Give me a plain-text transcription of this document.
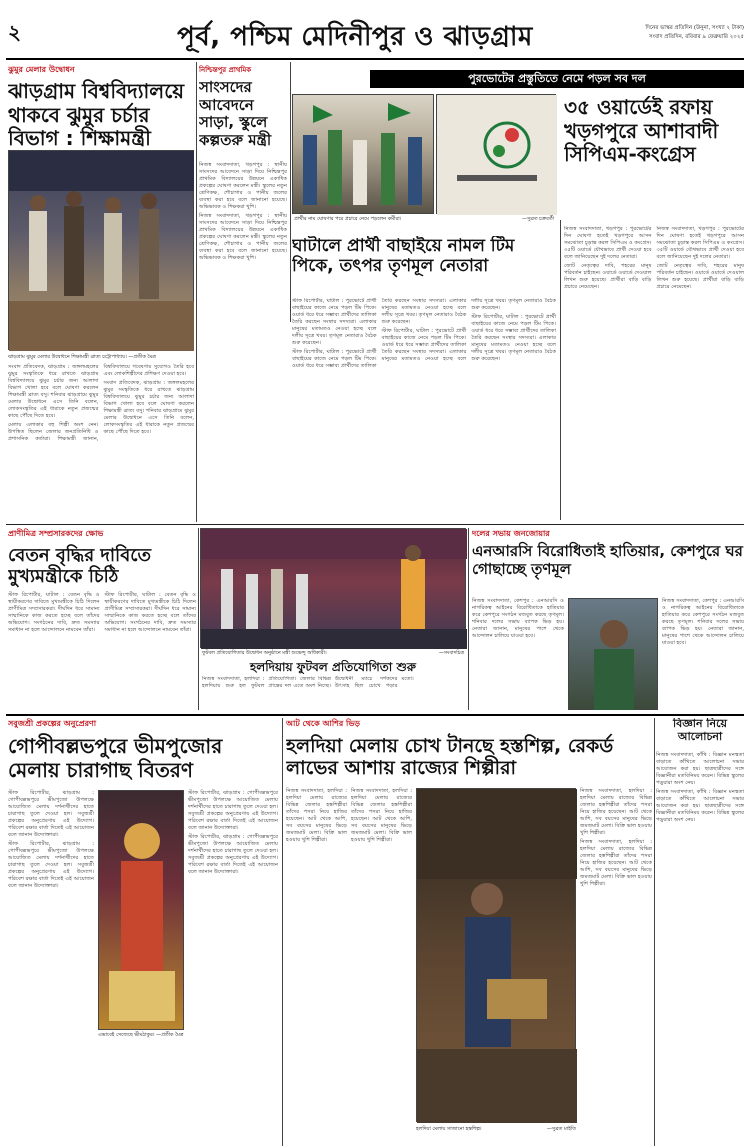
২	পূর্ব, পশ্চিম মেদিনীপুর ও ঝাড়গ্রাম	দিনের ভাস্কর প্রতিদিন (উনুনা, সংখ্যা ২ টাকা)
সংবাদ প্রতিদিন, রবিবার ৯ ফেব্রুয়ারি ২০২৫
ঝুমুর মেলার উদ্বোধন
ঝাড়গ্রাম বিশ্ববিদ্যালয়ে থাকবে ঝুমুর চর্চার বিভাগ : শিক্ষামন্ত্রী
ঝাড়গ্রাম ঝুমুর মেলার উদ্বোধনে শিক্ষামন্ত্রী ব্রাত্য চট্টোপাধ্যায়। —প্রতীক মৈত্র

সংবাদ প্রতিবেদক, ঝাড়গ্রাম : জঙ্গলমহলের ঝুমুর সংস্কৃতিকে ধরে রাখতে ঝাড়গ্রাম বিশ্ববিদ্যালয়ে ঝুমুর চর্চার জন্য আলাদা বিভাগ খোলা হবে বলে ঘোষণা করলেন শিক্ষামন্ত্রী ব্রাত্য বসু। শনিবার ঝাড়গ্রামে ঝুমুর মেলার উদ্বোধনে এসে তিনি বলেন, লোকসংস্কৃতির এই ধারাকে নতুন প্রজন্মের কাছে পৌঁছে দিতে হবে।

মেলায় এলাকার বহু শিল্পী অংশ নেন। উপস্থিত ছিলেন জেলার জনপ্রতিনিধি ও প্রশাসনিক কর্তারা। শিক্ষামন্ত্রী জানান, বিশ্ববিদ্যালয়ে গবেষণার সুযোগও তৈরি হবে এবং লোকশিল্পীদের প্রশিক্ষণ দেওয়া হবে।

সংবাদ প্রতিবেদক, ঝাড়গ্রাম : জঙ্গলমহলের ঝুমুর সংস্কৃতিকে ধরে রাখতে ঝাড়গ্রাম বিশ্ববিদ্যালয়ে ঝুমুর চর্চার জন্য আলাদা বিভাগ খোলা হবে বলে ঘোষণা করলেন শিক্ষামন্ত্রী ব্রাত্য বসু। শনিবার ঝাড়গ্রামে ঝুমুর মেলার উদ্বোধনে এসে তিনি বলেন, লোকসংস্কৃতির এই ধারাকে নতুন প্রজন্মের কাছে পৌঁছে দিতে হবে।

নিশ্চিন্তপুর প্রাথমিক
সাংসদের আবেদনে সাড়া, স্কুলে কল্পতরু মন্ত্রী

নিজস্ব সংবাদদাতা, খড়গপুর : স্থানীয় সাংসদের আবেদনে সাড়া দিয়ে নিশ্চিন্তপুর প্রাথমিক বিদ্যালয়ের উন্নয়নে একাধিক প্রকল্পের ঘোষণা করলেন মন্ত্রী। স্কুলের নতুন শ্রেণিকক্ষ, শৌচাগার ও পানীয় জলের ব্যবস্থা করা হবে বলে জানানো হয়েছে। অভিভাবক ও শিক্ষকরা খুশি।

নিজস্ব সংবাদদাতা, খড়গপুর : স্থানীয় সাংসদের আবেদনে সাড়া দিয়ে নিশ্চিন্তপুর প্রাথমিক বিদ্যালয়ের উন্নয়নে একাধিক প্রকল্পের ঘোষণা করলেন মন্ত্রী। স্কুলের নতুন শ্রেণিকক্ষ, শৌচাগার ও পানীয় জলের ব্যবস্থা করা হবে বলে জানানো হয়েছে। অভিভাবক ও শিক্ষকরা খুশি।

পুরভোটের প্রস্তুতিতে নেমে পড়ল সব দল
প্রার্থীর নাম ঘোষণার পরে প্রচারে নেমে পড়লেন কর্মীরা।	—সুব্রত চক্রবর্তী
৩৫ ওয়ার্ডেই রফায় খড়গপুরে আশাবাদী সিপিএম-কংগ্রেস

নিজস্ব সংবাদদাতা, খড়গপুর : পুরভোটের দিন ঘোষণা হতেই খড়গপুরে আসন সমঝোতা চূড়ান্ত করল সিপিএম ও কংগ্রেস। ৩৫টি ওয়ার্ডে যৌথভাবে প্রার্থী দেওয়া হবে বলে জানিয়েছেন দুই দলের নেতারা।

জোট নেতৃত্বের দাবি, শহরের মানুষ পরিবর্তন চাইছেন। ওয়ার্ডে ওয়ার্ডে দেওয়াল লিখন শুরু হয়েছে। প্রার্থীরা বাড়ি বাড়ি প্রচারে নেমেছেন।

নিজস্ব সংবাদদাতা, খড়গপুর : পুরভোটের দিন ঘোষণা হতেই খড়গপুরে আসন সমঝোতা চূড়ান্ত করল সিপিএম ও কংগ্রেস। ৩৫টি ওয়ার্ডে যৌথভাবে প্রার্থী দেওয়া হবে বলে জানিয়েছেন দুই দলের নেতারা।

জোট নেতৃত্বের দাবি, শহরের মানুষ পরিবর্তন চাইছেন। ওয়ার্ডে ওয়ার্ডে দেওয়াল লিখন শুরু হয়েছে। প্রার্থীরা বাড়ি বাড়ি প্রচারে নেমেছেন।

ঘাটালে প্রার্থী বাছাইয়ে নামল টিম পিকে, তৎপর তৃণমূল নেতারা

স্টাফ রিপোর্টার, ঘাটাল : পুরভোটে প্রার্থী বাছাইয়ের কাজে নেমে পড়ল টিম পিকে। ওয়ার্ড ধরে ধরে সম্ভাব্য প্রার্থীদের তালিকা তৈরি করছেন সংস্থার সদস্যরা। এলাকার মানুষের মতামতও নেওয়া হচ্ছে বলে দলীয় সূত্রে খবর। তৃণমূল নেতারাও বৈঠক শুরু করেছেন।

স্টাফ রিপোর্টার, ঘাটাল : পুরভোটে প্রার্থী বাছাইয়ের কাজে নেমে পড়ল টিম পিকে। ওয়ার্ড ধরে ধরে সম্ভাব্য প্রার্থীদের তালিকা তৈরি করছেন সংস্থার সদস্যরা। এলাকার মানুষের মতামতও নেওয়া হচ্ছে বলে দলীয় সূত্রে খবর। তৃণমূল নেতারাও বৈঠক শুরু করেছেন।

স্টাফ রিপোর্টার, ঘাটাল : পুরভোটে প্রার্থী বাছাইয়ের কাজে নেমে পড়ল টিম পিকে। ওয়ার্ড ধরে ধরে সম্ভাব্য প্রার্থীদের তালিকা তৈরি করছেন সংস্থার সদস্যরা। এলাকার মানুষের মতামতও নেওয়া হচ্ছে বলে দলীয় সূত্রে খবর। তৃণমূল নেতারাও বৈঠক শুরু করেছেন।

স্টাফ রিপোর্টার, ঘাটাল : পুরভোটে প্রার্থী বাছাইয়ের কাজে নেমে পড়ল টিম পিকে। ওয়ার্ড ধরে ধরে সম্ভাব্য প্রার্থীদের তালিকা তৈরি করছেন সংস্থার সদস্যরা। এলাকার মানুষের মতামতও নেওয়া হচ্ছে বলে দলীয় সূত্রে খবর। তৃণমূল নেতারাও বৈঠক শুরু করেছেন।

প্রাণীমিত্র সম্প্রসারকদের ক্ষোভ
বেতন বৃদ্ধির দাবিতে মুখ্যমন্ত্রীকে চিঠি

স্টাফ রিপোর্টার, ঘাটাল : বেতন বৃদ্ধি ও স্থায়ীকরণের দাবিতে মুখ্যমন্ত্রীকে চিঠি দিলেন প্রাণীমিত্র সম্প্রসারকরা। দীর্ঘদিন ধরে সামান্য সাম্মানিকে কাজ করতে হচ্ছে বলে তাঁদের অভিযোগ। সংগঠনের দাবি, দ্রুত সমস্যার সমাধান না হলে আন্দোলনে নামবেন তাঁরা।

স্টাফ রিপোর্টার, ঘাটাল : বেতন বৃদ্ধি ও স্থায়ীকরণের দাবিতে মুখ্যমন্ত্রীকে চিঠি দিলেন প্রাণীমিত্র সম্প্রসারকরা। দীর্ঘদিন ধরে সামান্য সাম্মানিকে কাজ করতে হচ্ছে বলে তাঁদের অভিযোগ। সংগঠনের দাবি, দ্রুত সমস্যার সমাধান না হলে আন্দোলনে নামবেন তাঁরা।

ফুটবল প্রতিযোগিতার উদ্বোধন অনুষ্ঠানে মন্ত্রী শুভেন্দু অধিকারী।	—সংবাদচিত্র
হলদিয়ায় ফুটবল প্রতিযোগিতা শুরু

নিজস্ব সংবাদদাতা, হলদিয়া : হলদিয়ায় শুরু হল ফুটবল প্রতিযোগিতা। জেলার বিভিন্ন প্রান্তের দল এতে অংশ নিচ্ছে। উদ্বোধনী ম্যাচে দর্শকদের উৎসাহ ছিল চোখে পড়ার মতো।

দলের সভায় জনজোয়ার
এনআরসি বিরোধিতাই হাতিয়ার, কেশপুরে ঘর গোছাচ্ছে তৃণমূল

নিজস্ব সংবাদদাতা, কেশপুর : এনআরসি ও নাগরিকত্ব আইনের বিরোধিতাকে হাতিয়ার করে কেশপুরে সংগঠন মজবুত করছে তৃণমূল। শনিবার দলের সভায় ব্যাপক ভিড় হয়। নেতারা জানান, মানুষের পাশে থেকে আন্দোলন চালিয়ে যাওয়া হবে।

নিজস্ব সংবাদদাতা, কেশপুর : এনআরসি ও নাগরিকত্ব আইনের বিরোধিতাকে হাতিয়ার করে কেশপুরে সংগঠন মজবুত করছে তৃণমূল। শনিবার দলের সভায় ব্যাপক ভিড় হয়। নেতারা জানান, মানুষের পাশে থেকে আন্দোলন চালিয়ে যাওয়া হবে।

সবুজশ্রী প্রকল্পের অনুপ্রেরণা
গোপীবল্লভপুরে ভীমপুজোর মেলায় চারাগাছ বিতরণ

স্টাফ রিপোর্টার, ঝাড়গ্রাম : গোপীবল্লভপুরে ভীমপুজো উপলক্ষে আয়োজিত মেলায় দর্শনার্থীদের হাতে চারাগাছ তুলে দেওয়া হল। সবুজশ্রী প্রকল্পের অনুপ্রেরণায় এই উদ্যোগ। পরিবেশ রক্ষার বার্তা দিতেই এই আয়োজন বলে জানান উদ্যোক্তারা।

স্টাফ রিপোর্টার, ঝাড়গ্রাম : গোপীবল্লভপুরে ভীমপুজো উপলক্ষে আয়োজিত মেলায় দর্শনার্থীদের হাতে চারাগাছ তুলে দেওয়া হল। সবুজশ্রী প্রকল্পের অনুপ্রেরণায় এই উদ্যোগ। পরিবেশ রক্ষার বার্তা দিতেই এই আয়োজন বলে জানান উদ্যোক্তারা।

এভাবেই সেজেছে ভীমঠাকুর। —প্রতীক মৈত্র

স্টাফ রিপোর্টার, ঝাড়গ্রাম : গোপীবল্লভপুরে ভীমপুজো উপলক্ষে আয়োজিত মেলায় দর্শনার্থীদের হাতে চারাগাছ তুলে দেওয়া হল। সবুজশ্রী প্রকল্পের অনুপ্রেরণায় এই উদ্যোগ। পরিবেশ রক্ষার বার্তা দিতেই এই আয়োজন বলে জানান উদ্যোক্তারা।

স্টাফ রিপোর্টার, ঝাড়গ্রাম : গোপীবল্লভপুরে ভীমপুজো উপলক্ষে আয়োজিত মেলায় দর্শনার্থীদের হাতে চারাগাছ তুলে দেওয়া হল। সবুজশ্রী প্রকল্পের অনুপ্রেরণায় এই উদ্যোগ। পরিবেশ রক্ষার বার্তা দিতেই এই আয়োজন বলে জানান উদ্যোক্তারা।

আট থেকে আশির ভিড়
হলদিয়া মেলায় চোখ টানছে হস্তশিল্প, রেকর্ড লাভের আশায় রাজ্যের শিল্পীরা

নিজস্ব সংবাদদাতা, হলদিয়া : হলদিয়া মেলায় রাজ্যের বিভিন্ন জেলার হস্তশিল্পীরা তাঁদের পসরা নিয়ে হাজির হয়েছেন। আট থেকে আশি, সব বয়সের মানুষের ভিড়ে জমজমাট মেলা। বিক্রি ভাল হওয়ায় খুশি শিল্পীরা।

নিজস্ব সংবাদদাতা, হলদিয়া : হলদিয়া মেলায় রাজ্যের বিভিন্ন জেলার হস্তশিল্পীরা তাঁদের পসরা নিয়ে হাজির হয়েছেন। আট থেকে আশি, সব বয়সের মানুষের ভিড়ে জমজমাট মেলা। বিক্রি ভাল হওয়ায় খুশি শিল্পীরা।

হলদিয়া মেলায় সাজানো হস্তশিল্প।	—সুব্রত মাইতি

নিজস্ব সংবাদদাতা, হলদিয়া : হলদিয়া মেলায় রাজ্যের বিভিন্ন জেলার হস্তশিল্পীরা তাঁদের পসরা নিয়ে হাজির হয়েছেন। আট থেকে আশি, সব বয়সের মানুষের ভিড়ে জমজমাট মেলা। বিক্রি ভাল হওয়ায় খুশি শিল্পীরা।

নিজস্ব সংবাদদাতা, হলদিয়া : হলদিয়া মেলায় রাজ্যের বিভিন্ন জেলার হস্তশিল্পীরা তাঁদের পসরা নিয়ে হাজির হয়েছেন। আট থেকে আশি, সব বয়সের মানুষের ভিড়ে জমজমাট মেলা। বিক্রি ভাল হওয়ায় খুশি শিল্পীরা।

বিজ্ঞান নিয়ে আলোচনা

নিজস্ব সংবাদদাতা, কাঁথি : বিজ্ঞান মনস্কতা বাড়াতে কাঁথিতে আলোচনা সভার আয়োজন করা হয়। ছাত্রছাত্রীদের সঙ্গে বিজ্ঞানীরা মতবিনিময় করেন। বিভিন্ন স্কুলের পড়ুয়ারা অংশ নেয়।

নিজস্ব সংবাদদাতা, কাঁথি : বিজ্ঞান মনস্কতা বাড়াতে কাঁথিতে আলোচনা সভার আয়োজন করা হয়। ছাত্রছাত্রীদের সঙ্গে বিজ্ঞানীরা মতবিনিময় করেন। বিভিন্ন স্কুলের পড়ুয়ারা অংশ নেয়।
